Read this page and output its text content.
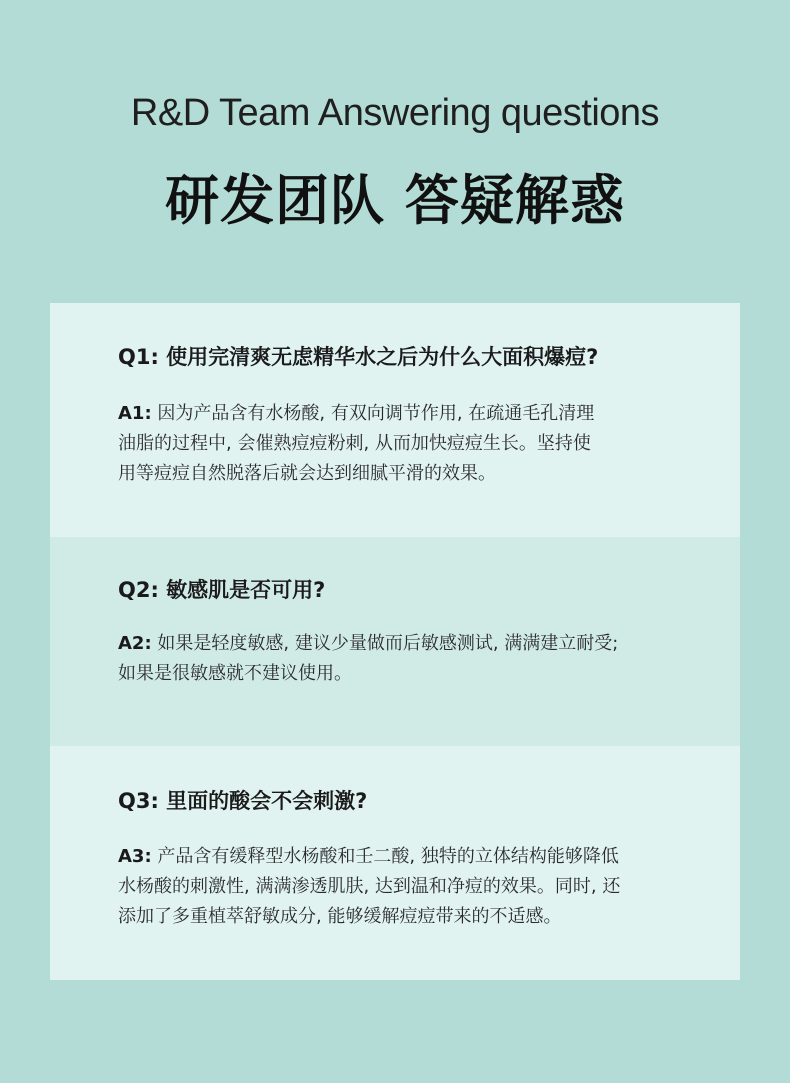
R&D Team Answering questions
研发团队 答疑解惑
Q1: 使用完清爽无虑精华水之后为什么大面积爆痘?
A1: 因为产品含有水杨酸, 有双向调节作用, 在疏通毛孔清理
油脂的过程中, 会催熟痘痘粉刺, 从而加快痘痘生长。坚持使
用等痘痘自然脱落后就会达到细腻平滑的效果。
Q2: 敏感肌是否可用?
A2: 如果是轻度敏感, 建议少量做而后敏感测试, 满满建立耐受;
如果是很敏感就不建议使用。
Q3: 里面的酸会不会刺激?
A3: 产品含有缓释型水杨酸和壬二酸, 独特的立体结构能够降低
水杨酸的刺激性, 满满渗透肌肤, 达到温和净痘的效果。同时, 还
添加了多重植萃舒敏成分, 能够缓解痘痘带来的不适感。
